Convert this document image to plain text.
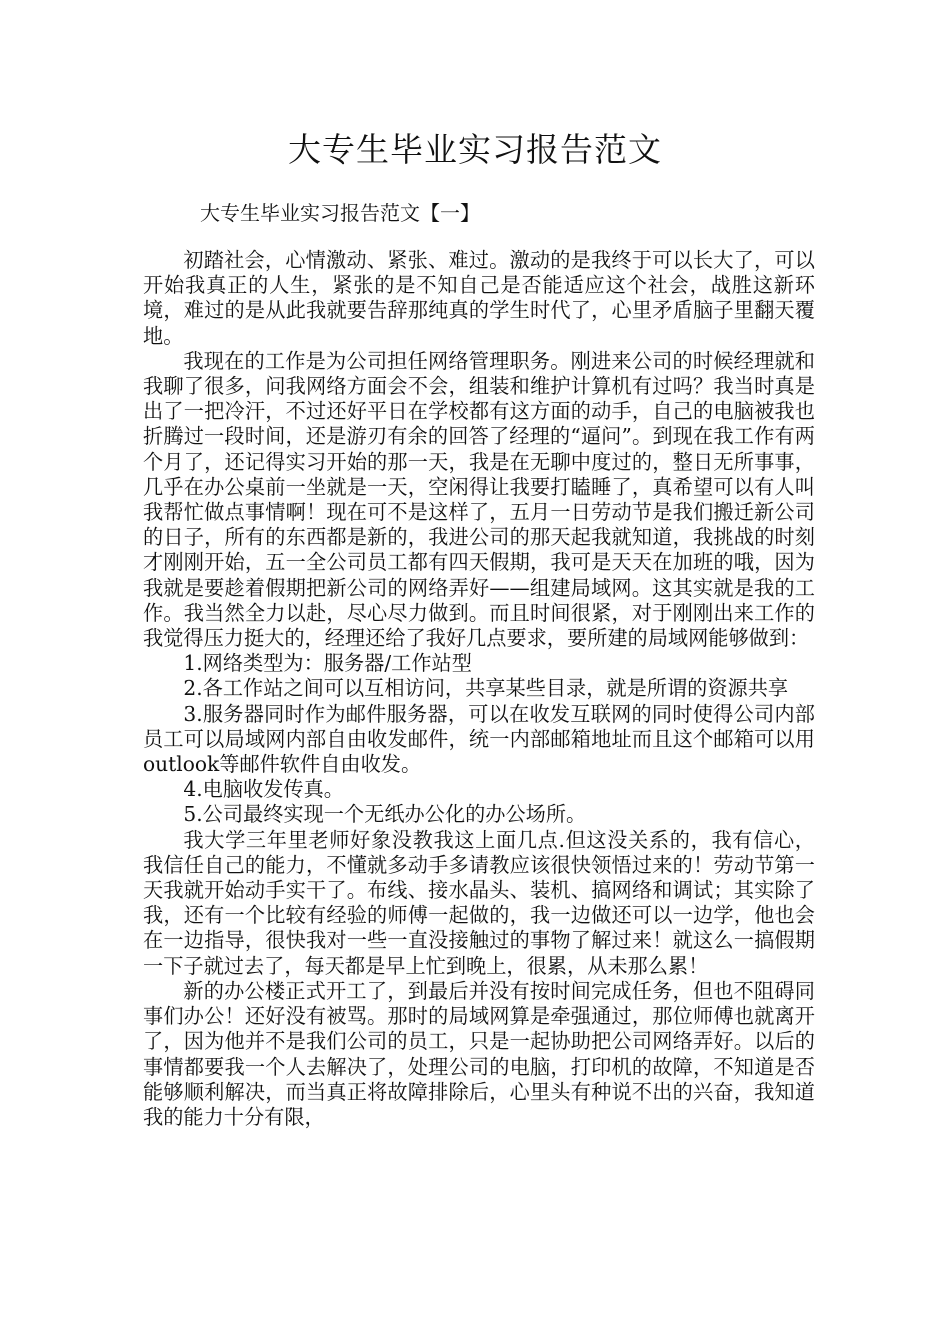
大专生毕业实习报告范文
大专生毕业实习报告范文【一】

初踏社会，心情激动、紧张、难过。激动的是我终于可以长大了，可以开始我真正的人生，紧张的是不知自己是否能适应这个社会，战胜这新环境，难过的是从此我就要告辞那纯真的学生时代了，心里矛盾脑子里翻天覆地。

我现在的工作是为公司担任网络管理职务。刚进来公司的时候经理就和我聊了很多，问我网络方面会不会，组装和维护计算机有过吗？我当时真是出了一把冷汗，不过还好平日在学校都有这方面的动手，自己的电脑被我也折腾过一段时间，还是游刃有余的回答了经理的“逼问”。到现在我工作有两个月了，还记得实习开始的那一天，我是在无聊中度过的，整日无所事事，几乎在办公桌前一坐就是一天，空闲得让我要打瞌睡了，真希望可以有人叫我帮忙做点事情啊！现在可不是这样了，五月一日劳动节是我们搬迁新公司的日子，所有的东西都是新的，我进公司的那天起我就知道，我挑战的时刻才刚刚开始，五一全公司员工都有四天假期，我可是天天在加班的哦，因为我就是要趁着假期把新公司的网络弄好——组建局域网。这其实就是我的工作。我当然全力以赴，尽心尽力做到。而且时间很紧，对于刚刚出来工作的我觉得压力挺大的，经理还给了我好几点要求，要所建的局域网能够做到：

1.网络类型为：服务器/工作站型

2.各工作站之间可以互相访问，共享某些目录，就是所谓的资源共享

3.服务器同时作为邮件服务器，可以在收发互联网的同时使得公司内部员工可以局域网内部自由收发邮件，统一内部邮箱地址而且这个邮箱可以用outlook等邮件软件自由收发。

4.电脑收发传真。

5.公司最终实现一个无纸办公化的办公场所。

我大学三年里老师好象没教我这上面几点.但这没关系的，我有信心，我信任自己的能力，不懂就多动手多请教应该很快领悟过来的！劳动节第一天我就开始动手实干了。布线、接水晶头、装机、搞网络和调试；其实除了我，还有一个比较有经验的师傅一起做的，我一边做还可以一边学，他也会在一边指导，很快我对一些一直没接触过的事物了解过来！就这么一搞假期一下子就过去了，每天都是早上忙到晚上，很累，从未那么累！

新的办公楼正式开工了，到最后并没有按时间完成任务，但也不阻碍同事们办公！还好没有被骂。那时的局域网算是牵强通过，那位师傅也就离开了，因为他并不是我们公司的员工，只是一起协助把公司网络弄好。以后的事情都要我一个人去解决了，处理公司的电脑，打印机的故障，不知道是否能够顺利解决，而当真正将故障排除后，心里头有种说不出的兴奋，我知道我的能力十分有限，
